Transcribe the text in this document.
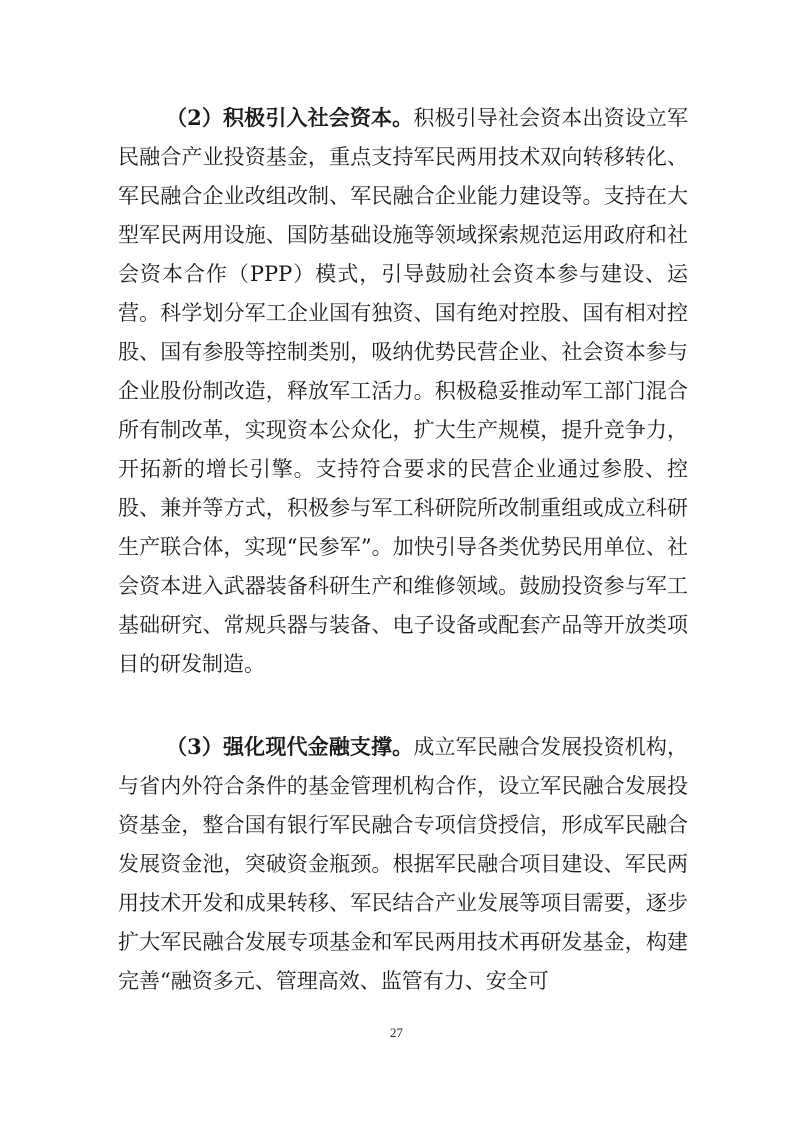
（2）积极引入社会资本。积极引导社会资本出资设立军民融合产业投资基金，重点支持军民两用技术双向转移转化、军民融合企业改组改制、军民融合企业能力建设等。支持在大型军民两用设施、国防基础设施等领域探索规范运用政府和社会资本合作（PPP）模式，引导鼓励社会资本参与建设、运营。科学划分军工企业国有独资、国有绝对控股、国有相对控股、国有参股等控制类别，吸纳优势民营企业、社会资本参与企业股份制改造，释放军工活力。积极稳妥推动军工部门混合所有制改革，实现资本公众化，扩大生产规模，提升竞争力，开拓新的增长引擎。支持符合要求的民营企业通过参股、控股、兼并等方式，积极参与军工科研院所改制重组或成立科研生产联合体，实现“民参军”。加快引导各类优势民用单位、社会资本进入武器装备科研生产和维修领域。鼓励投资参与军工基础研究、常规兵器与装备、电子设备或配套产品等开放类项目的研发制造。

（3）强化现代金融支撑。成立军民融合发展投资机构，与省内外符合条件的基金管理机构合作，设立军民融合发展投资基金，整合国有银行军民融合专项信贷授信，形成军民融合发展资金池，突破资金瓶颈。根据军民融合项目建设、军民两用技术开发和成果转移、军民结合产业发展等项目需要，逐步扩大军民融合发展专项基金和军民两用技术再研发基金，构建完善“融资多元、管理高效、监管有力、安全可

27
